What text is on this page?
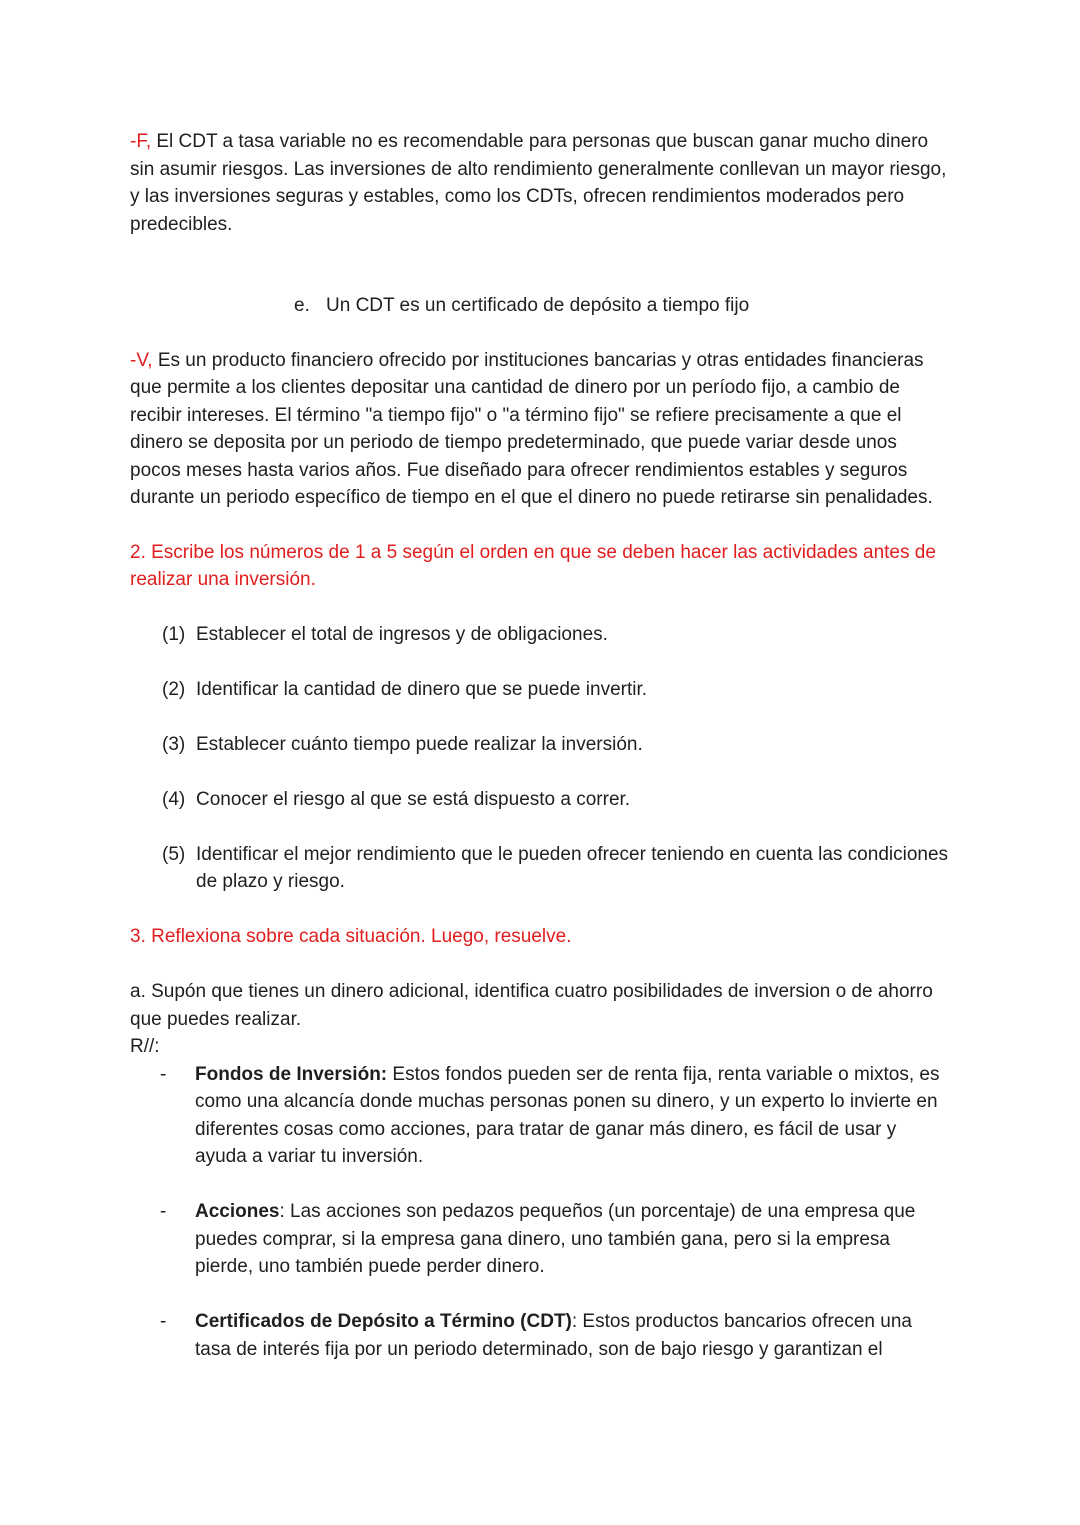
-F, El CDT a tasa variable no es recomendable para personas que buscan ganar mucho dinero sin asumir riesgos. Las inversiones de alto rendimiento generalmente conllevan un mayor riesgo, y las inversiones seguras y estables, como los CDTs, ofrecen rendimientos moderados pero predecibles.

e. Un CDT es un certificado de depósito a tiempo fijo

-V, Es un producto financiero ofrecido por instituciones bancarias y otras entidades financieras que permite a los clientes depositar una cantidad de dinero por un período fijo, a cambio de recibir intereses. El término "a tiempo fijo" o "a término fijo" se refiere precisamente a que el dinero se deposita por un periodo de tiempo predeterminado, que puede variar desde unos pocos meses hasta varios años. Fue diseñado para ofrecer rendimientos estables y seguros durante un periodo específico de tiempo en el que el dinero no puede retirarse sin penalidades.

2. Escribe los números de 1 a 5 según el orden en que se deben hacer las actividades antes de realizar una inversión.

(1) Establecer el total de ingresos y de obligaciones.
(2) Identificar la cantidad de dinero que se puede invertir.
(3) Establecer cuánto tiempo puede realizar la inversión.
(4) Conocer el riesgo al que se está dispuesto a correr.
(5) Identificar el mejor rendimiento que le pueden ofrecer teniendo en cuenta las condiciones de plazo y riesgo.

3. Reflexiona sobre cada situación. Luego, resuelve.

a. Supón que tienes un dinero adicional, identifica cuatro posibilidades de inversion o de ahorro que puedes realizar.

R//:

-	Fondos de Inversión: Estos fondos pueden ser de renta fija, renta variable o mixtos, es como una alcancía donde muchas personas ponen su dinero, y un experto lo invierte en diferentes cosas como acciones, para tratar de ganar más dinero, es fácil de usar y ayuda a variar tu inversión.
-	Acciones: Las acciones son pedazos pequeños (un porcentaje) de una empresa que puedes comprar, si la empresa gana dinero, uno también gana, pero si la empresa pierde, uno también puede perder dinero.
-	Certificados de Depósito a Término (CDT): Estos productos bancarios ofrecen una tasa de interés fija por un periodo determinado, son de bajo riesgo y garantizan el
